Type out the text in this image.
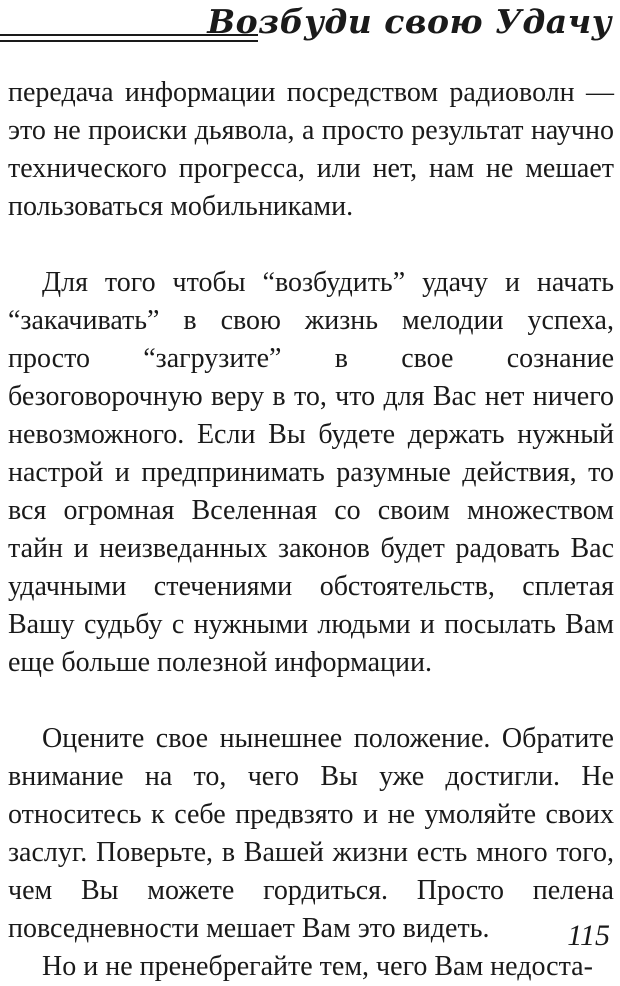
Возбуди свою Удачу

передача информации посредством радиоволн — это не происки дьявола, а просто результат научно технического прогресса, или нет, нам не мешает пользоваться мобильниками.

Для того чтобы “возбудить” удачу и начать “закачивать” в свою жизнь мелодии успеха, просто “загрузите” в свое сознание безоговорочную веру в то, что для Вас нет ничего невозможного. Если Вы будете держать нужный настрой и предпринимать разумные действия, то вся огромная Вселенная со своим множеством тайн и неизведанных законов будет радовать Вас удачными стечениями обстоятельств, сплетая Вашу судьбу с нужными людьми и посылать Вам еще больше полезной информации.

Оцените свое нынешнее положение. Обратите внимание на то, чего Вы уже достигли. Не относитесь к себе предвзято и не умоляйте своих заслуг. Поверьте, в Вашей жизни есть много того, чем Вы можете гордиться. Просто пелена повседневности мешает Вам это видеть.

Но и не пренебрегайте тем, чего Вам недоста-

115
